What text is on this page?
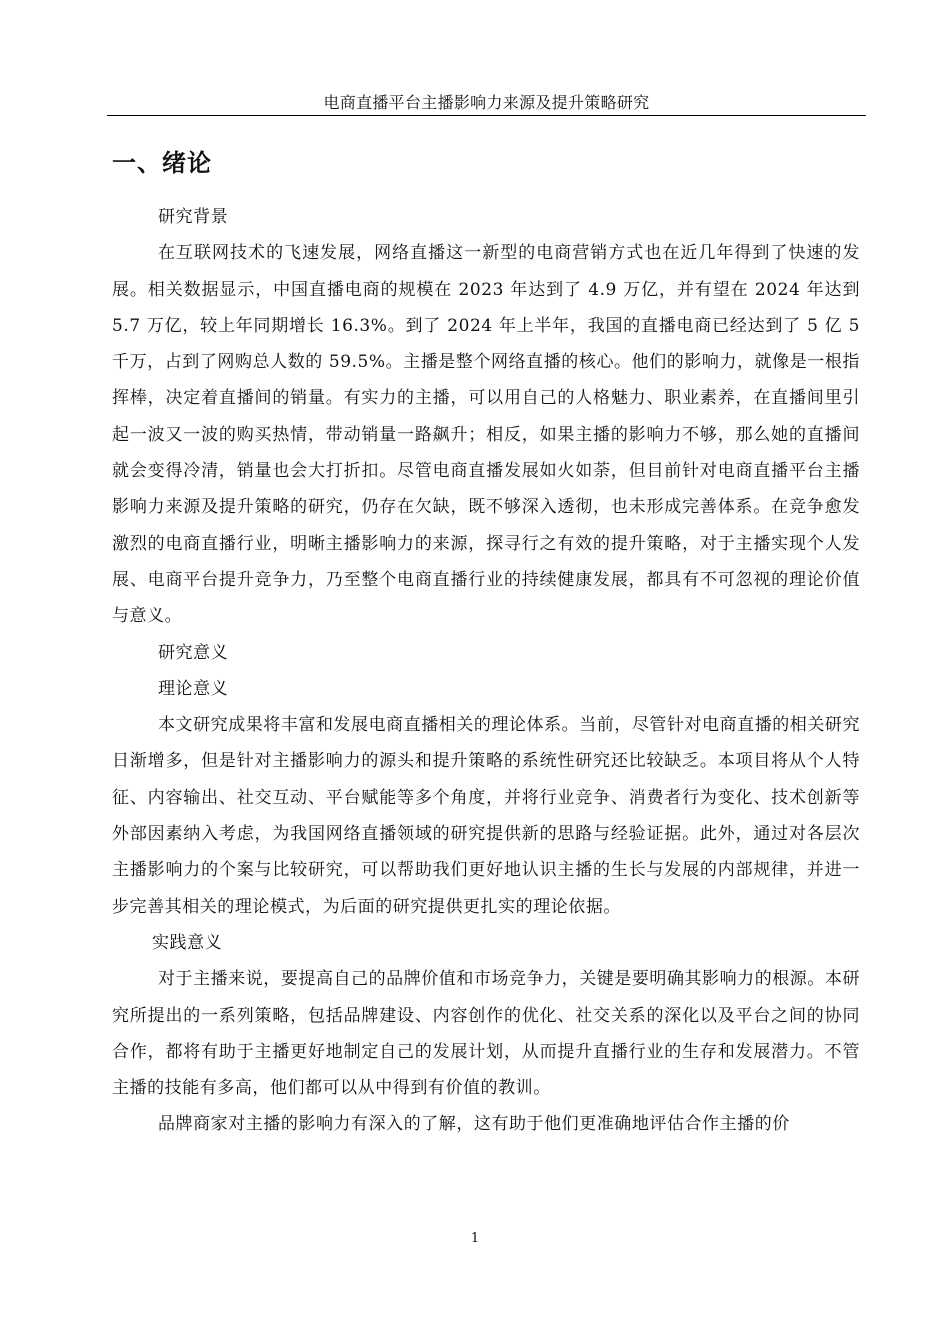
电商直播平台主播影响力来源及提升策略研究
一、绪论

研究背景

在互联网技术的飞速发展，网络直播这一新型的电商营销方式也在近几年得到了快速的发展。相关数据显示，中国直播电商的规模在 2023 年达到了 4.9 万亿，并有望在 2024 年达到 5.7 万亿，较上年同期增长 16.3%。到了 2024 年上半年，我国的直播电商已经达到了 5 亿 5 千万，占到了网购总人数的 59.5%。主播是整个网络直播的核心。他们的影响力，就像是一根指挥棒，决定着直播间的销量。有实力的主播，可以用自己的人格魅力、职业素养，在直播间里引起一波又一波的购买热情，带动销量一路飙升；相反，如果主播的影响力不够，那么她的直播间就会变得冷清，销量也会大打折扣。尽管电商直播发展如火如荼，但目前针对电商直播平台主播影响力来源及提升策略的研究，仍存在欠缺，既不够深入透彻，也未形成完善体系。在竞争愈发激烈的电商直播行业，明晰主播影响力的来源，探寻行之有效的提升策略，对于主播实现个人发展、电商平台提升竞争力，乃至整个电商直播行业的持续健康发展，都具有不可忽视的理论价值与意义。

研究意义

理论意义

本文研究成果将丰富和发展电商直播相关的理论体系。当前，尽管针对电商直播的相关研究日渐增多，但是针对主播影响力的源头和提升策略的系统性研究还比较缺乏。本项目将从个人特征、内容输出、社交互动、平台赋能等多个角度，并将行业竞争、消费者行为变化、技术创新等外部因素纳入考虑，为我国网络直播领域的研究提供新的思路与经验证据。此外，通过对各层次主播影响力的个案与比较研究，可以帮助我们更好地认识主播的生长与发展的内部规律，并进一步完善其相关的理论模式，为后面的研究提供更扎实的理论依据。

实践意义

对于主播来说，要提高自己的品牌价值和市场竞争力，关键是要明确其影响力的根源。本研究所提出的一系列策略，包括品牌建设、内容创作的优化、社交关系的深化以及平台之间的协同合作，都将有助于主播更好地制定自己的发展计划，从而提升直播行业的生存和发展潜力。不管主播的技能有多高，他们都可以从中得到有价值的教训。

品牌商家对主播的影响力有深入的了解，这有助于他们更准确地评估合作主播的价

1
